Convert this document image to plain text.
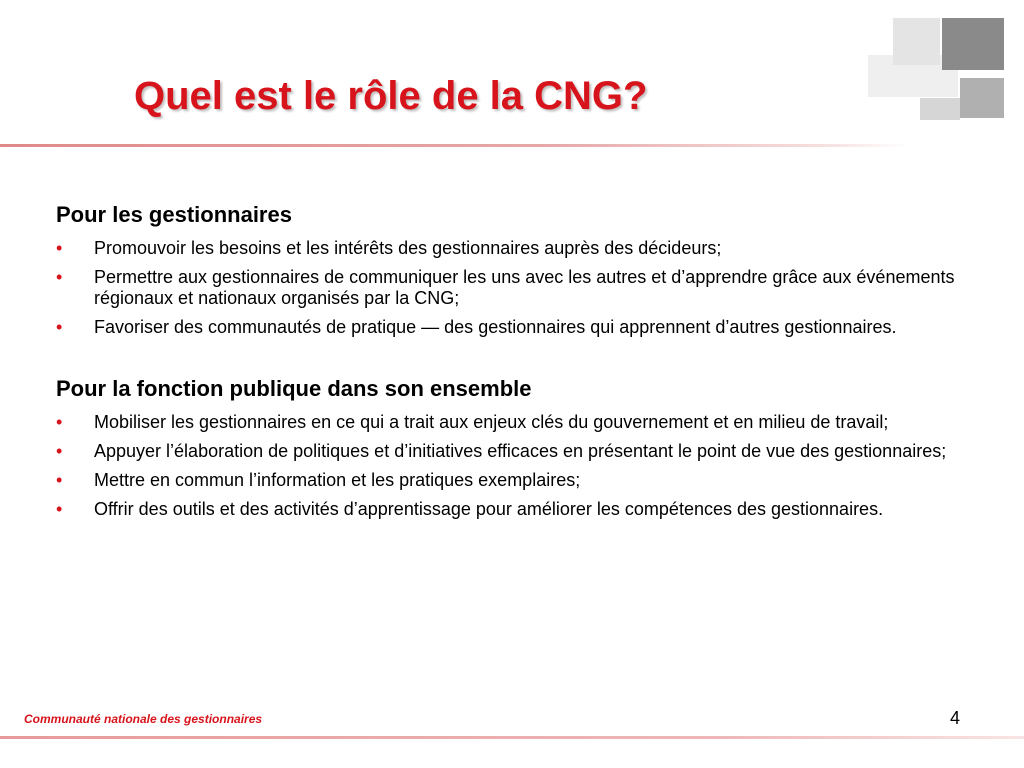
Quel est le rôle de la CNG?
Pour les gestionnaires
• Promouvoir les besoins et les intérêts des gestionnaires auprès des décideurs;
• Permettre aux gestionnaires de communiquer les uns avec les autres et d’apprendre grâce aux événements régionaux et nationaux organisés par la CNG;
• Favoriser des communautés de pratique — des gestionnaires qui apprennent d’autres gestionnaires.
Pour la fonction publique dans son ensemble
• Mobiliser les gestionnaires en ce qui a trait aux enjeux clés du gouvernement et en milieu de travail;
• Appuyer l’élaboration de politiques et d’initiatives efficaces en présentant le point de vue des gestionnaires;
• Mettre en commun l’information et les pratiques exemplaires;
• Offrir des outils et des activités d’apprentissage pour améliorer les compétences des gestionnaires.
Communauté nationale des gestionnaires	4
